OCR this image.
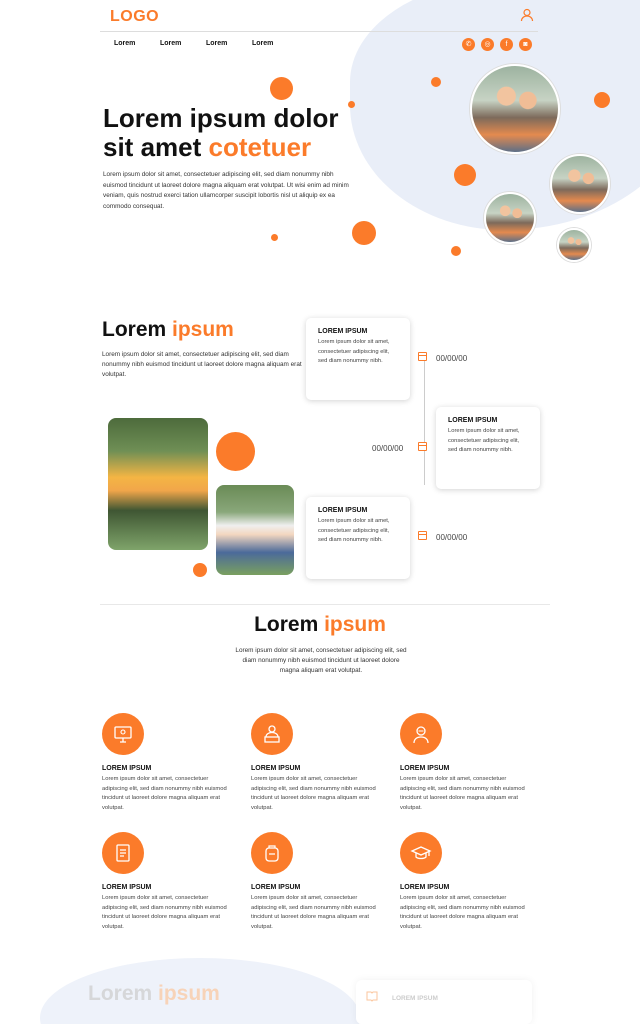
LOGO
Lorem	Lorem	Lorem	Lorem	✆	◎	f	◙
Lorem ipsum dolor
sit amet cotetuer

Lorem ipsum dolor sit amet, consectetuer adipiscing elit, sed diam nonummy nibh euismod tincidunt ut laoreet dolore magna aliquam erat volutpat. Ut wisi enim ad minim veniam, quis nostrud exerci tation ullamcorper suscipit lobortis nisl ut aliquip ex ea commodo consequat.

Lorem ipsum

Lorem ipsum dolor sit amet, consectetuer adipiscing elit, sed diam nonummy nibh euismod tincidunt ut laoreet dolore magna aliquam erat volutpat.

LOREM IPSUM

Lorem ipsum dolor sit amet, consectetuer adipiscing elit, sed diam nonummy nibh.	00/00/00
LOREM IPSUM

Lorem ipsum dolor sit amet, consectetuer adipiscing elit, sed diam nonummy nibh.

00/00/00
LOREM IPSUM

Lorem ipsum dolor sit amet, consectetuer adipiscing elit, sed diam nonummy nibh.	00/00/00
Lorem ipsum

Lorem ipsum dolor sit amet, consectetuer adipiscing elit, sed diam nonummy nibh euismod tincidunt ut laoreet dolore magna aliquam erat volutpat.

LOREM IPSUM

Lorem ipsum dolor sit amet, consectetuer adipiscing elit, sed diam nonummy nibh euismod tincidunt ut laoreet dolore magna aliquam erat volutpat.

LOREM IPSUM

Lorem ipsum dolor sit amet, consectetuer adipiscing elit, sed diam nonummy nibh euismod tincidunt ut laoreet dolore magna aliquam erat volutpat.

LOREM IPSUM

Lorem ipsum dolor sit amet, consectetuer adipiscing elit, sed diam nonummy nibh euismod tincidunt ut laoreet dolore magna aliquam erat volutpat.

LOREM IPSUM

Lorem ipsum dolor sit amet, consectetuer adipiscing elit, sed diam nonummy nibh euismod tincidunt ut laoreet dolore magna aliquam erat volutpat.

LOREM IPSUM

Lorem ipsum dolor sit amet, consectetuer adipiscing elit, sed diam nonummy nibh euismod tincidunt ut laoreet dolore magna aliquam erat volutpat.

LOREM IPSUM

Lorem ipsum dolor sit amet, consectetuer adipiscing elit, sed diam nonummy nibh euismod tincidunt ut laoreet dolore magna aliquam erat volutpat.

Lorem ipsum	LOREM IPSUM
